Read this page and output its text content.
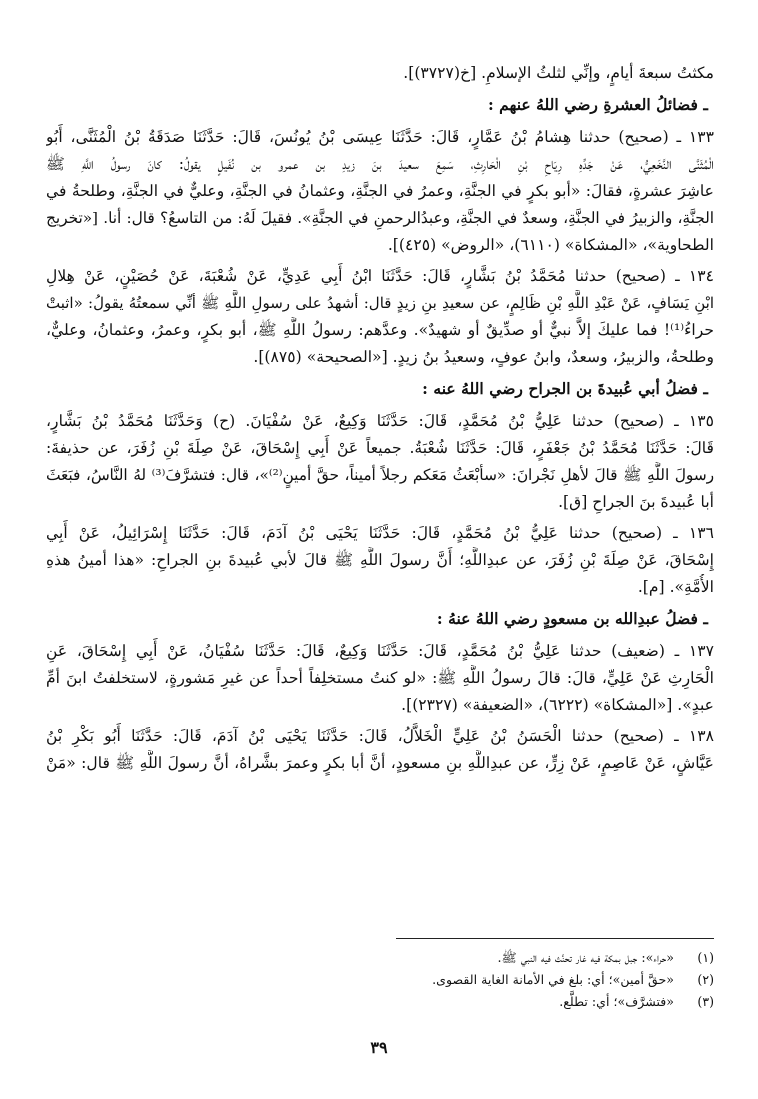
مكثتُ سبعةَ أيامٍ، وإنِّي لثلثُ الإسلامِ. [خ(٣٧٢٧)].
ـ فضائلُ العشرةِ رضي اللهُ عنهم :
١٣٣ ـ (صحيح) حدثنا هِشامُ بْنُ عَمَّارٍ، قَالَ: حَدَّثَنَا عِيسَى بْنُ يُونُسَ، قَالَ: حَدَّثَنَا صَدَقَةُ بْنُ الْمُثَنَّى، أَبُو
الْمُثَنَّى النَّخَعِيُّ، عَنْ جَدِّهِ رِيَاحِ بْنِ الْحَارِثِ، سَمِعَ سعيدَ بنَ زيدِ بن عمرو بن نُفَيلٍ يقولُ: كانَ رسولُ اللَّهِ ﷺ
عاشِرَ عشرةٍ، فقالَ: «أبو بكرٍ في الجنَّةِ، وعمرُ في الجنَّةِ، وعثمانُ في الجنَّةِ، وعليٌّ في الجنَّةِ، وطلحةُ في
الجنَّةِ، والزبيرُ في الجنَّةِ، وسعدٌ في الجنَّةِ، وعبدُالرحمنِ في الجنَّةِ». فقيلَ لَهُ: من التاسعُ؟ قال: أنا. [«تخريج
الطحاوية»، «المشكاة» (٦١١٠)، «الروض» (٤٢٥)].
١٣٤ ـ (صحيح) حدثنا مُحَمَّدُ بْنُ بَشَّارٍ، قَالَ: حَدَّثَنَا ابْنُ أَبِي عَدِيٍّ، عَنْ شُعْبَةَ، عَنْ حُصَيْنٍ، عَنْ هِلالِ
ابْنِ يَسَافٍ، عَنْ عَبْدِ اللَّهِ بْنِ ظَالِمٍ، عن سعيدِ بنِ زيدٍ قال: أشهدُ على رسولِ اللَّهِ ﷺ أنِّي سمعتُهُ يقولُ: «اثبتْ
حراءُ⁽¹⁾! فما عليكَ إلاَّ نبيٌّ أو صدِّيقٌ أو شهيدٌ». وعدَّهم: رسولُ اللَّهِ ﷺ، أبو بكرٍ، وعمرُ، وعثمانُ، وعليٌّ،
وطلحةُ، والزبيرُ، وسعدٌ، وابنُ عوفٍ، وسعيدُ بنُ زيدٍ. [«الصحيحة» (٨٧٥)].
ـ فضلُ أبي عُبيدةَ بن الجراح رضي اللهُ عنه :
١٣٥ ـ (صحيح) حدثنا عَلِيُّ بْنُ مُحَمَّدٍ، قَالَ: حَدَّثَنَا وَكِيعٌ، عَنْ سُفْيَانَ. (ح) وَحَدَّثَنَا مُحَمَّدُ بْنُ بَشَّارٍ،
قَالَ: حَدَّثَنَا مُحَمَّدُ بْنُ جَعْفَرٍ، قَالَ: حَدَّثَنَا شُعْبَةُ. جميعاً عَنْ أَبِي إِسْحَاقَ، عَنْ صِلَةَ بْنِ زُفَرَ، عن حذيفةَ:
رسولَ اللَّهِ ﷺ قالَ لأهلِ نَجْرانَ: «سأبْعَثُ مَعَكم رجلاً أميناً، حقَّ أمينٍ⁽²⁾»، قال: فتشرَّفَ⁽³⁾ لهُ النَّاسُ، فبَعَثَ
أبا عُبيدةَ بنَ الجراحِ [ق].
١٣٦ ـ (صحيح) حدثنا عَلِيُّ بْنُ مُحَمَّدٍ، قَالَ: حَدَّثَنَا يَحْيَى بْنُ آدَمَ، قَالَ: حَدَّثَنَا إِسْرَائِيلُ، عَنْ أَبِي
إِسْحَاقَ، عَنْ صِلَةَ بْنِ زُفَرَ، عن عبدِاللَّهِ؛ أَنَّ رسولَ اللَّهِ ﷺ قالَ لأبي عُبيدةَ بنِ الجراحِ: «هذا أمينُ هذهِ
الأُمَّةِ». [م].
ـ فضلُ عبدِالله بن مسعودٍ رضي اللهُ عنهُ :
١٣٧ ـ (ضعيف) حدثنا عَلِيُّ بْنُ مُحَمَّدٍ، قَالَ: حَدَّثَنَا وَكِيعٌ، قَالَ: حَدَّثَنَا سُفْيَانُ، عَنْ أَبِي إِسْحَاقَ، عَنِ
الْحَارِثِ عَنْ عَلِيٍّ، قالَ: قالَ رسولُ اللَّهِ ﷺ: «لو كنتُ مستخلِفاً أحداً عن غيرِ مَشورةٍ، لاستخلفتُ ابنَ أمِّ
عبدٍ». [«المشكاة» (٦٢٢٢)، «الضعيفة» (٢٣٢٧)].
١٣٨ ـ (صحيح) حدثنا الْحَسَنُ بْنُ عَلِيٍّ الْخَلاَّلُ، قَالَ: حَدَّثَنَا يَحْيَى بْنُ آدَمَ، قَالَ: حَدَّثَنَا أَبُو بَكْرِ بْنُ
عَيَّاشٍ، عَنْ عَاصِمٍ، عَنْ زِرٍّ، عن عبدِاللَّهِ بنِ مسعودٍ، أنَّ أبا بكرٍ وعمرَ بشَّراهُ، أنَّ رسولَ اللَّهِ ﷺ قال: «مَنْ
(١)
«حراء»: جبل بمكة فيه غار تحنَّث فيه النبي ﷺ.
(٢)
«حقَّ أمين»؛ أي: بلغ في الأمانة الغاية القصوى.
(٣)
«فتشرَّف»؛ أي: تطلَّع.
٣٩
